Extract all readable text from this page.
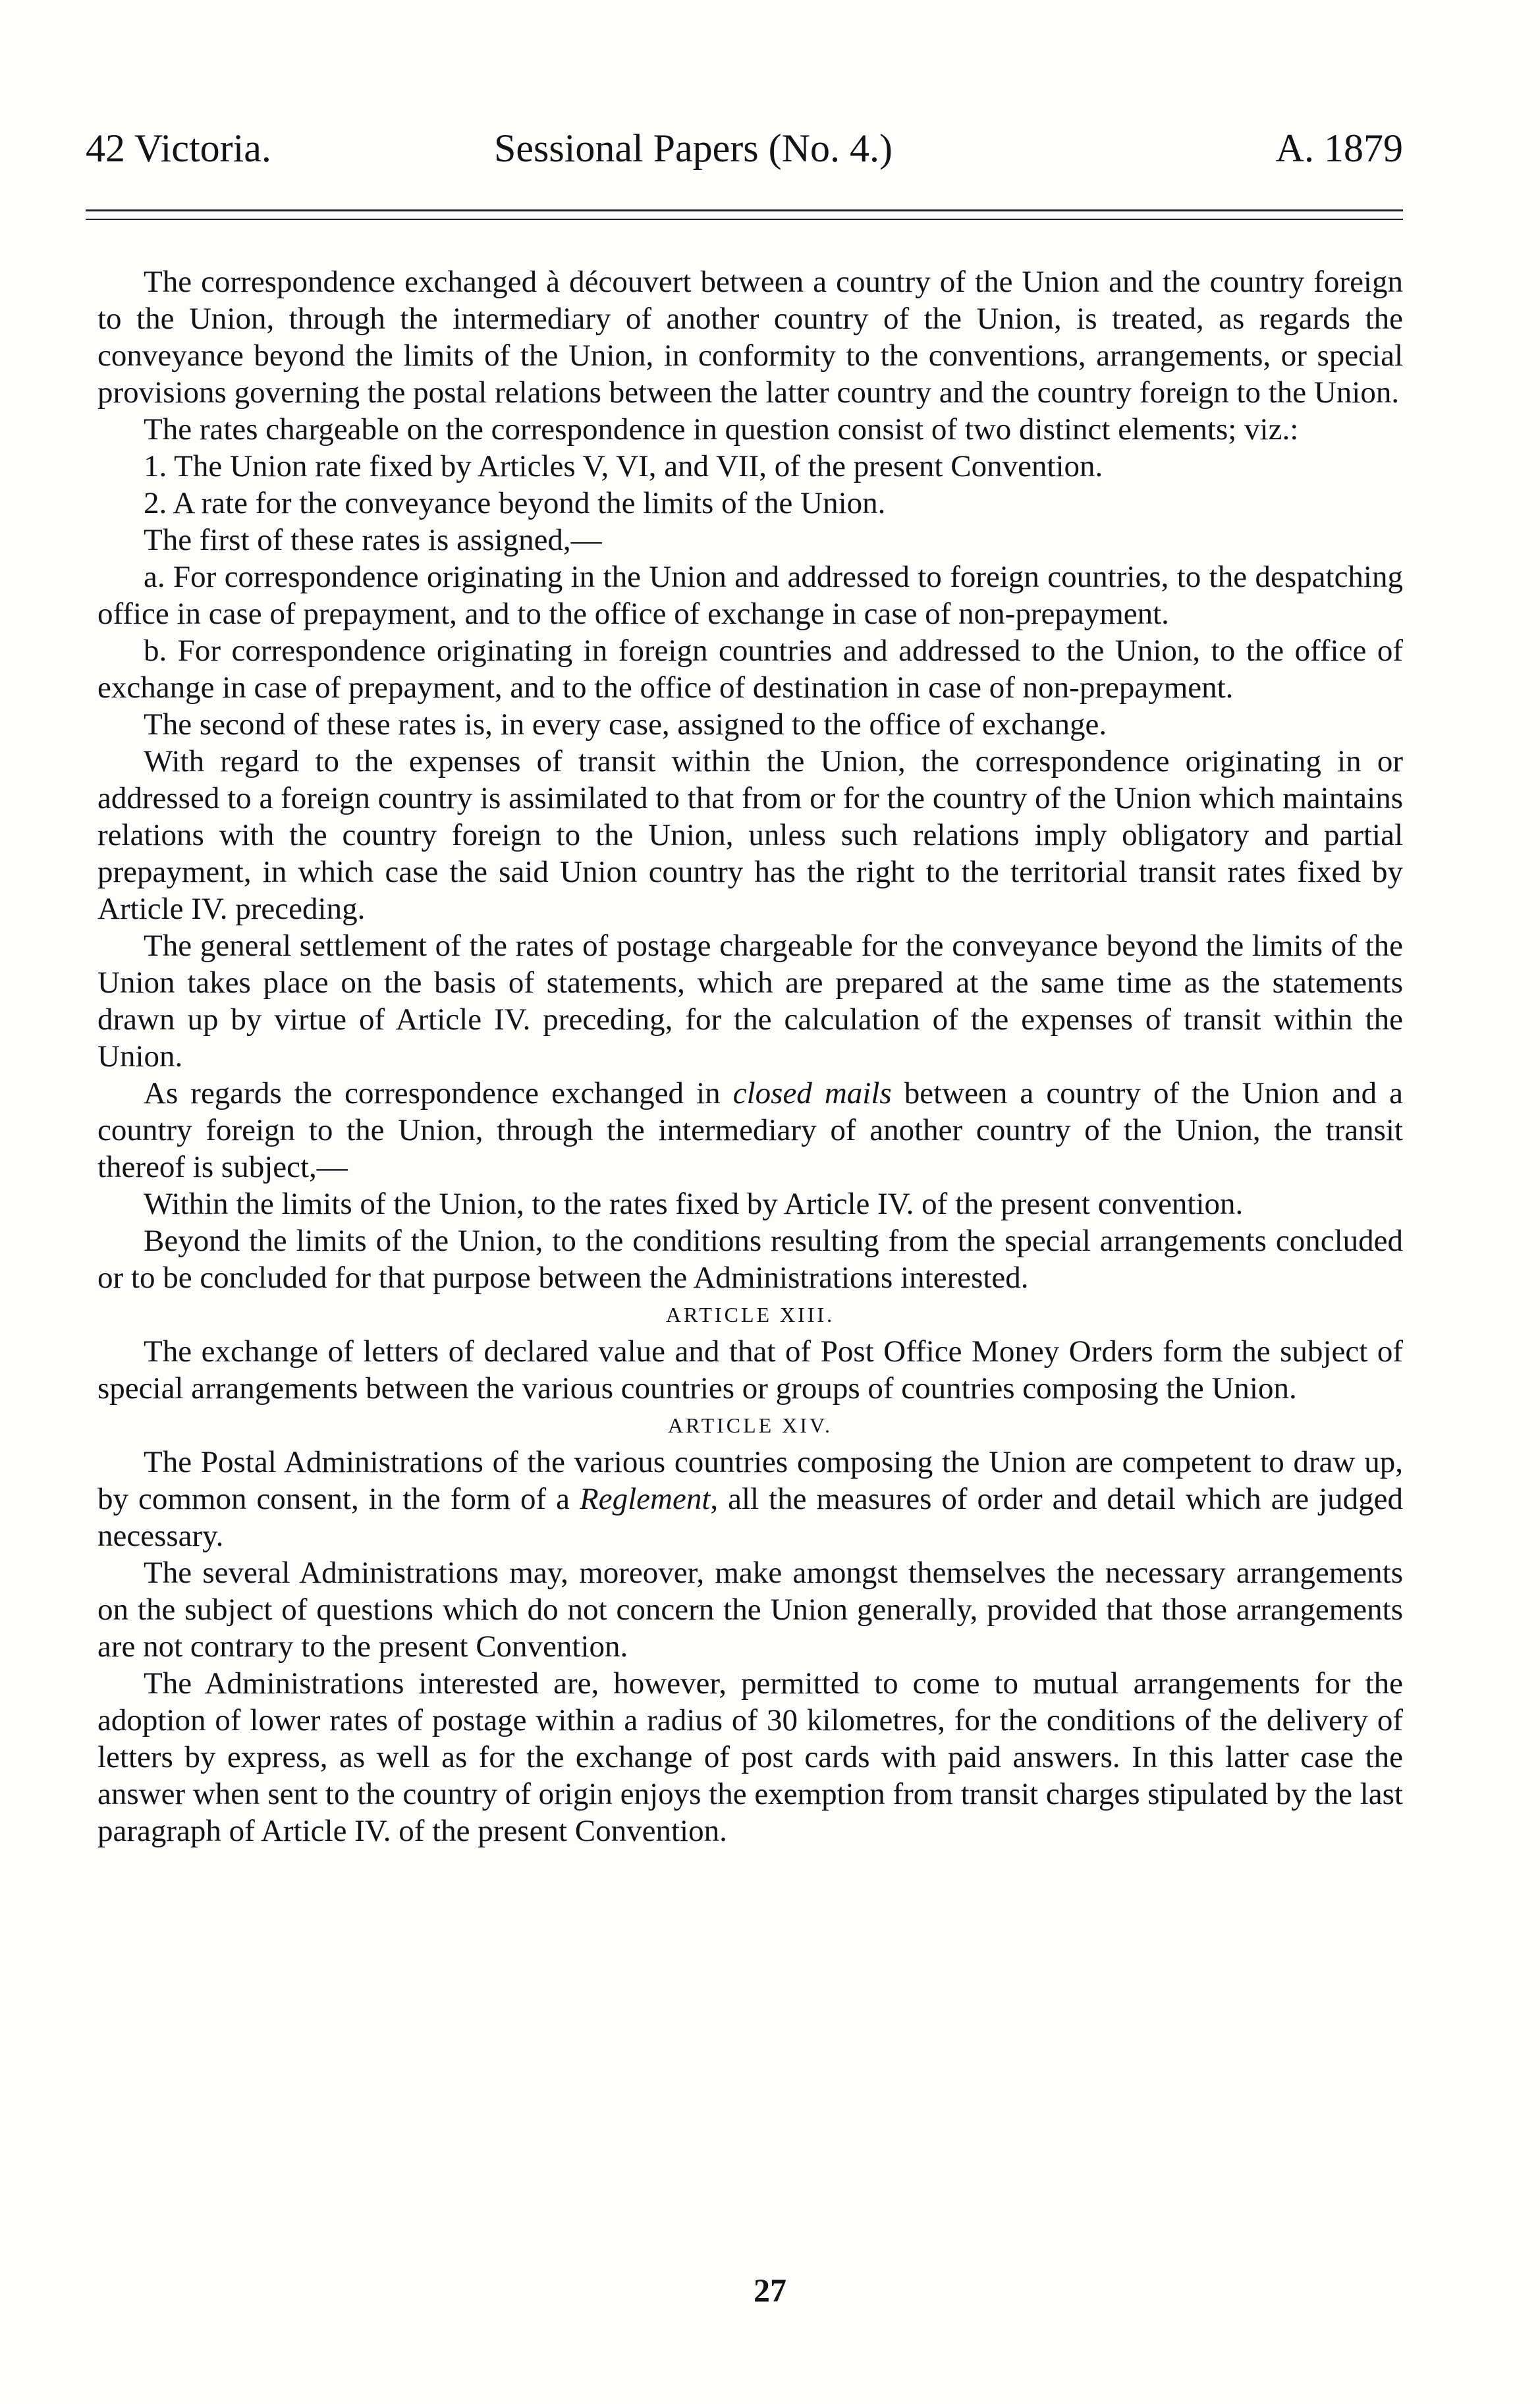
42 Victoria.	Sessional Papers (No. 4.)	A. 1879

The correspondence exchanged à découvert between a country of the Union and the country foreign to the Union, through the intermediary of another country of the Union, is treated, as regards the conveyance beyond the limits of the Union, in conformity to the conventions, arrangements, or special provisions governing the postal relations between the latter country and the country foreign to the Union.

The rates chargeable on the correspondence in question consist of two distinct elements; viz.:

1. The Union rate fixed by Articles V, VI, and VII, of the present Convention.

2. A rate for the conveyance beyond the limits of the Union.

The first of these rates is assigned,—

a. For correspondence originating in the Union and addressed to foreign countries, to the despatching office in case of prepayment, and to the office of exchange in case of non-prepayment.

b. For correspondence originating in foreign countries and addressed to the Union, to the office of exchange in case of prepayment, and to the office of destination in case of non-prepayment.

The second of these rates is, in every case, assigned to the office of exchange.

With regard to the expenses of transit within the Union, the correspondence originating in or addressed to a foreign country is assimilated to that from or for the country of the Union which maintains relations with the country foreign to the Union, unless such relations imply obligatory and partial prepayment, in which case the said Union country has the right to the territorial transit rates fixed by Article IV. preceding.

The general settlement of the rates of postage chargeable for the conveyance beyond the limits of the Union takes place on the basis of statements, which are prepared at the same time as the statements drawn up by virtue of Article IV. preceding, for the calculation of the expenses of transit within the Union.

As regards the correspondence exchanged in closed mails between a country of the Union and a country foreign to the Union, through the intermediary of another country of the Union, the transit thereof is subject,—

Within the limits of the Union, to the rates fixed by Article IV. of the present convention.

Beyond the limits of the Union, to the conditions resulting from the special arrangements concluded or to be concluded for that purpose between the Administrations interested.

ARTICLE XIII.

The exchange of letters of declared value and that of Post Office Money Orders form the subject of special arrangements between the various countries or groups of countries composing the Union.

ARTICLE XIV.

The Postal Administrations of the various countries composing the Union are competent to draw up, by common consent, in the form of a Reglement, all the measures of order and detail which are judged necessary.

The several Administrations may, moreover, make amongst themselves the necessary arrangements on the subject of questions which do not concern the Union generally, provided that those arrangements are not contrary to the present Convention.

The Administrations interested are, however, permitted to come to mutual arrangements for the adoption of lower rates of postage within a radius of 30 kilometres, for the conditions of the delivery of letters by express, as well as for the exchange of post cards with paid answers. In this latter case the answer when sent to the country of origin enjoys the exemption from transit charges stipulated by the last paragraph of Article IV. of the present Convention.

27
